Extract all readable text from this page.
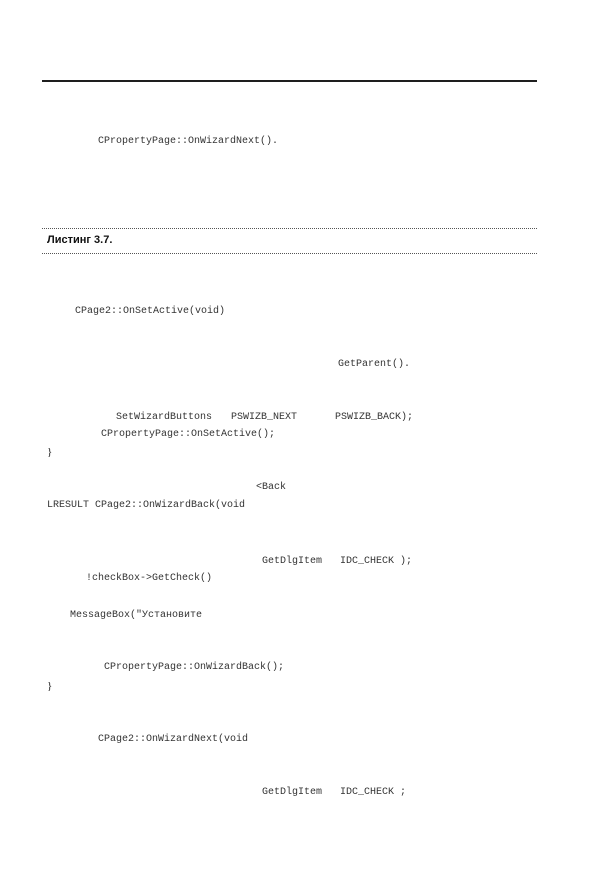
CPropertyPage::OnWizardNext().
Листинг 3.7.
CPage2::OnSetActive(void)
GetParent().
SetWizardButtons PSWIZB_NEXT	PSWIZB_BACK);
CPropertyPage::OnSetActive();
}
<Back
LRESULT CPage2::OnWizardBack(void
GetDlgItem IDC_CHECK );
!checkBox->GetCheck()
MessageBox("Установите
CPropertyPage::OnWizardBack();
}
CPage2::OnWizardNext(void
GetDlgItem IDC_CHECK ;
